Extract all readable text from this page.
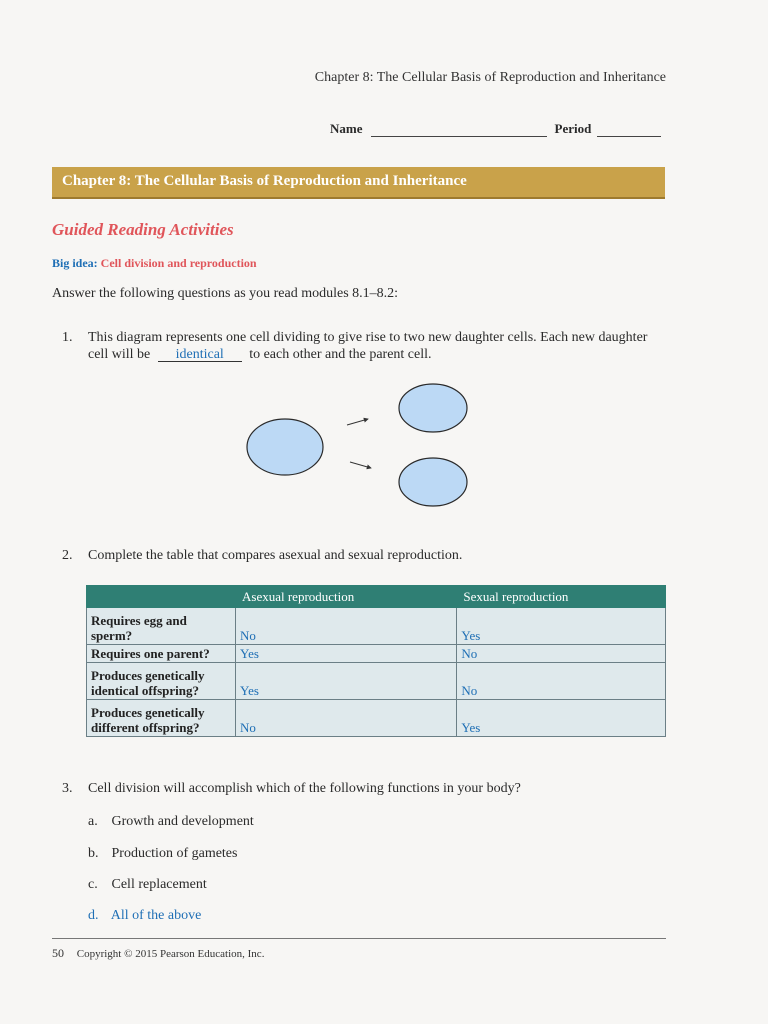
Chapter 8: The Cellular Basis of Reproduction and Inheritance
Name	Period
Chapter 8: The Cellular Basis of Reproduction and Inheritance
Guided Reading Activities
Big idea: Cell division and reproduction
Answer the following questions as you read modules 8.1–8.2:
1. This diagram represents one cell dividing to give rise to two new daughter cells. Each new daughter cell will be identical to each other and the parent cell.
2. Complete the table that compares asexual and sexual reproduction.
	Asexual reproduction	Sexual reproduction
Requires egg and sperm?	No	Yes
Requires one parent?	Yes	No
Produces genetically identical offspring?	Yes	No
Produces genetically different offspring?	No	Yes
3. Cell division will accomplish which of the following functions in your body?
a. Growth and development
b. Production of gametes
c. Cell replacement
d. All of the above
50 Copyright © 2015 Pearson Education, Inc.
